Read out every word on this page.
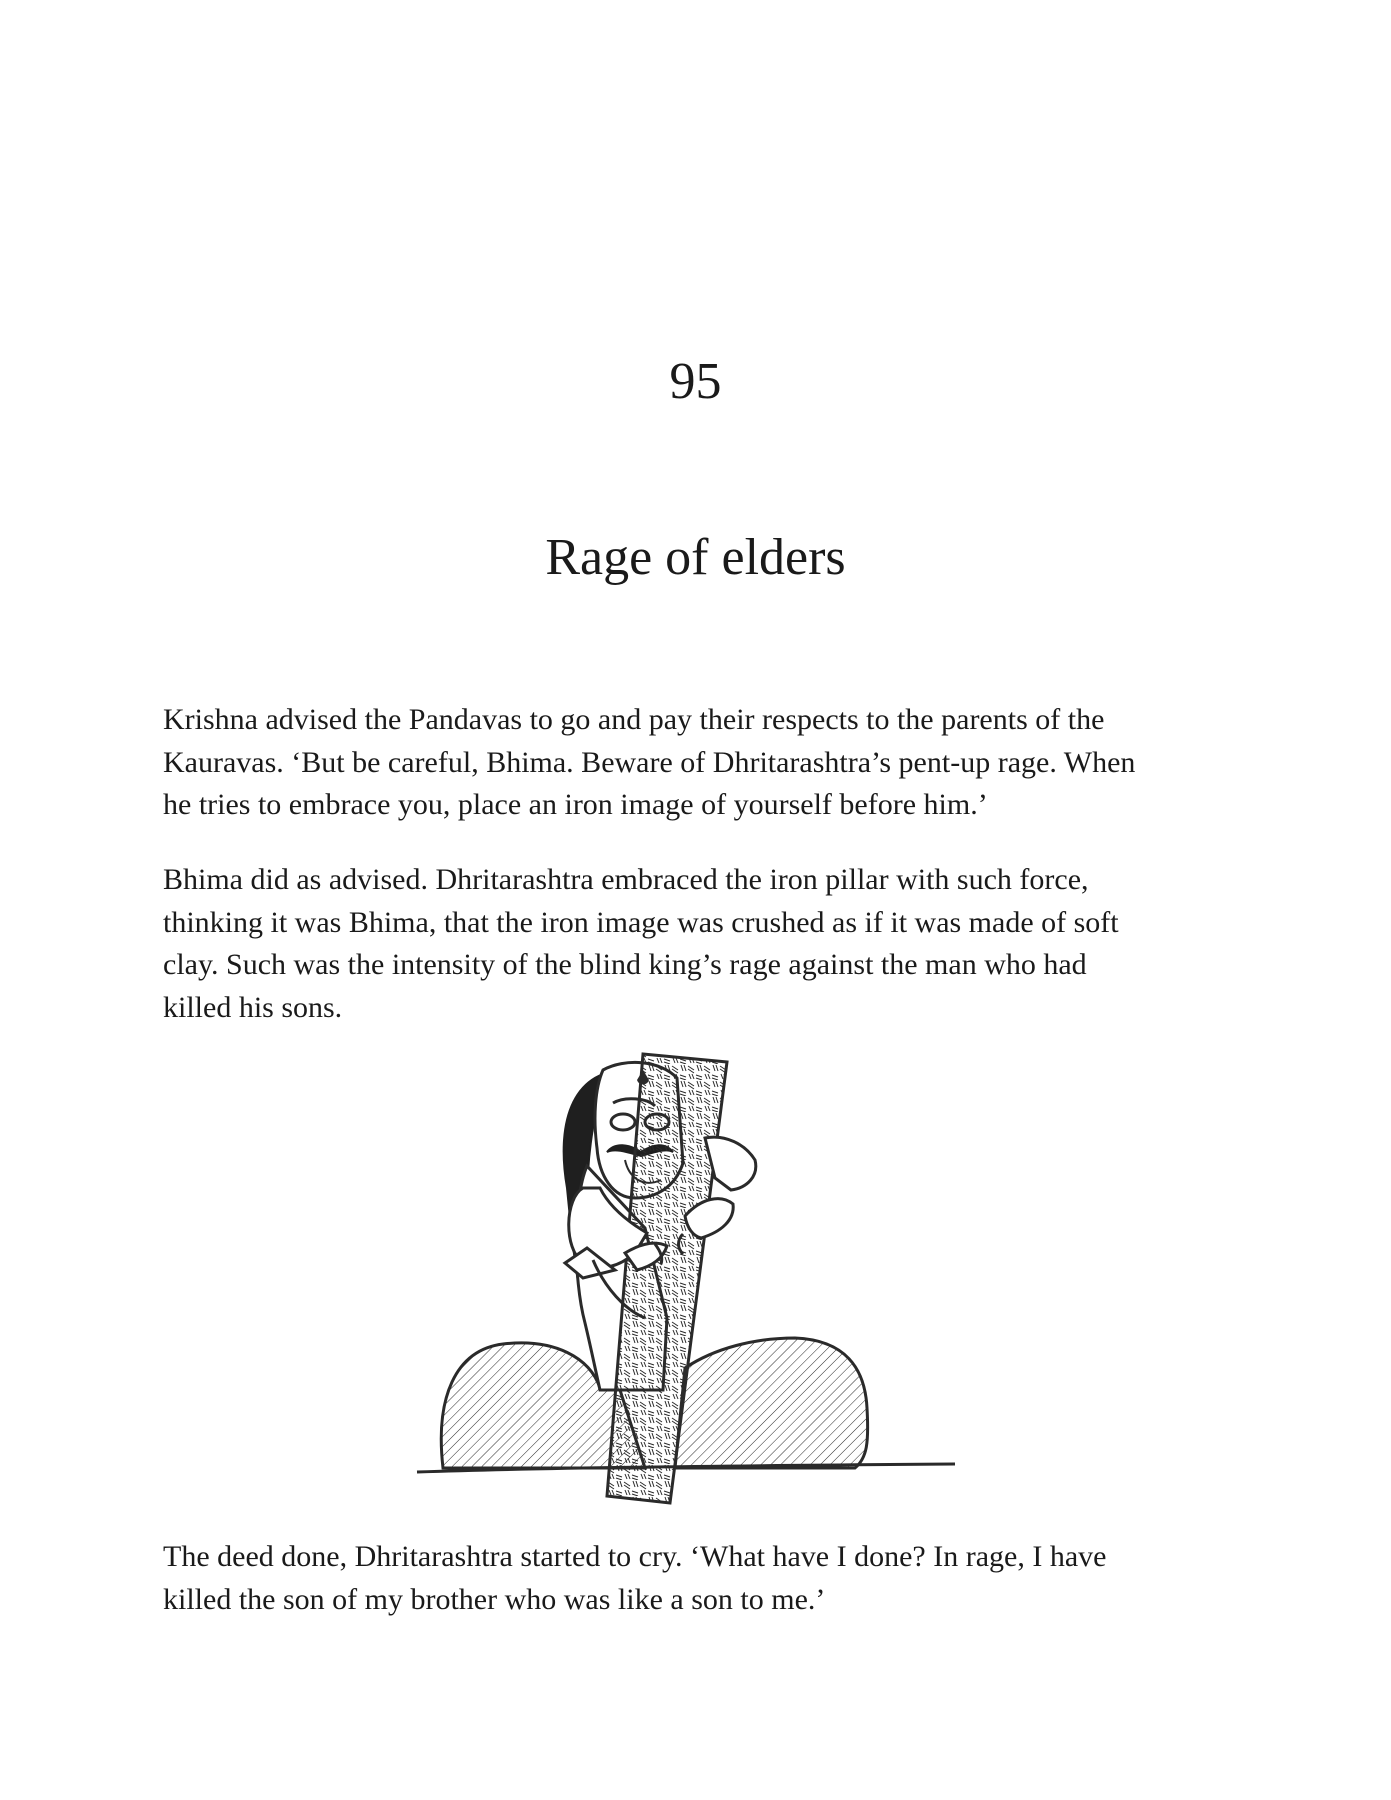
95
Rage of elders

Krishna advised the Pandavas to go and pay their respects to the parents of the
Kauravas. ‘But be careful, Bhima. Beware of Dhritarashtra’s pent-up rage. When
he tries to embrace you, place an iron image of yourself before him.’

Bhima did as advised. Dhritarashtra embraced the iron pillar with such force,
thinking it was Bhima, that the iron image was crushed as if it was made of soft
clay. Such was the intensity of the blind king’s rage against the man who had
killed his sons.

The deed done, Dhritarashtra started to cry. ‘What have I done? In rage, I have
killed the son of my brother who was like a son to me.’
